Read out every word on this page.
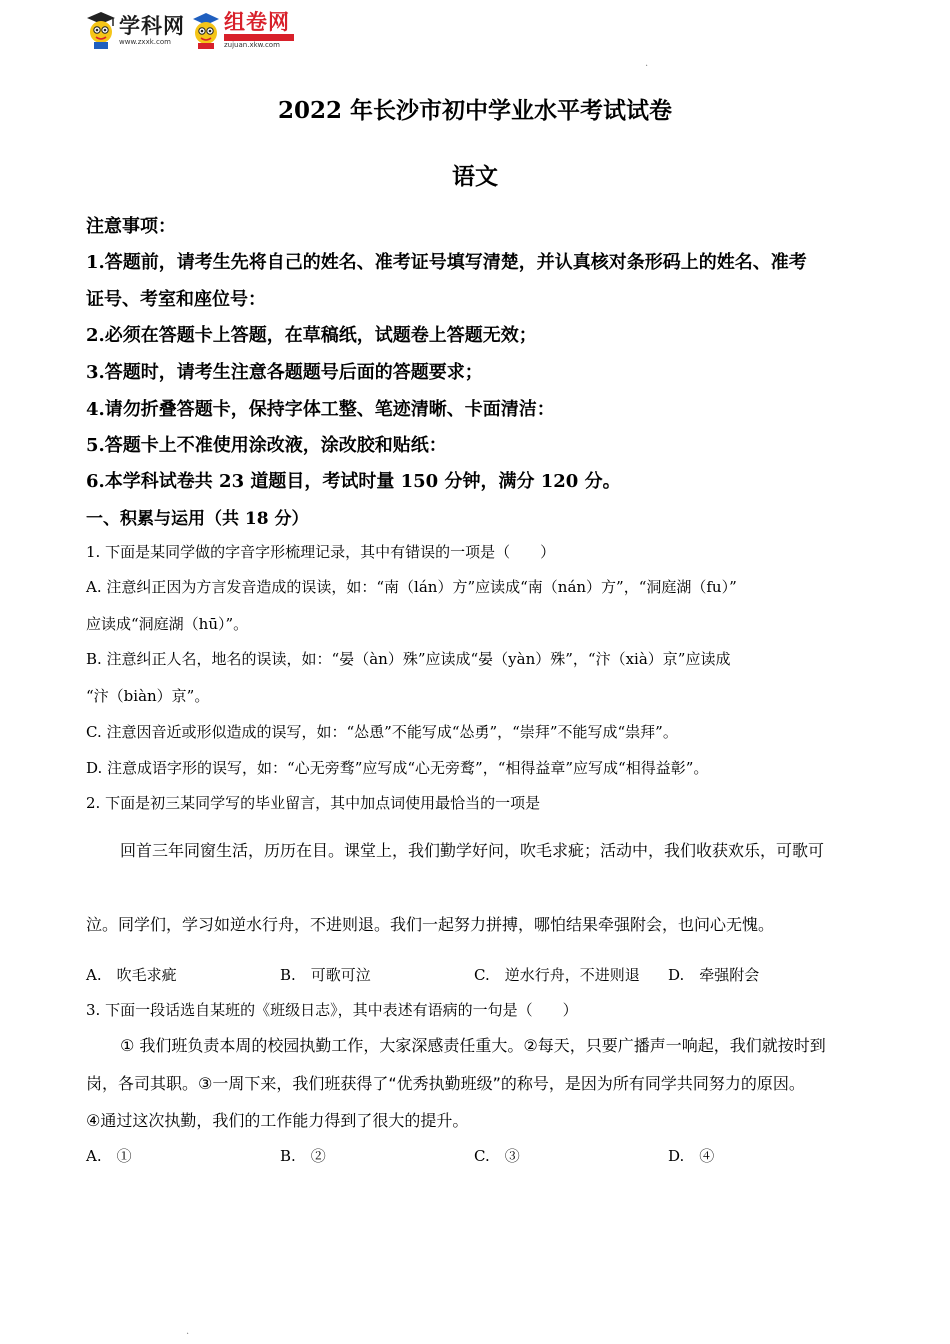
学科网
www.zxxk.com
组卷网
zujuan.xkw.com
.
2022 年长沙市初中学业水平考试试卷
语文
注意事项：
1.答题前，请考生先将自己的姓名、准考证号填写清楚，并认真核对条形码上的姓名、准考
证号、考室和座位号：
2.必须在答题卡上答题，在草稿纸，试题卷上答题无效；
3.答题时，请考生注意各题题号后面的答题要求；
4.请勿折叠答题卡，保持字体工整、笔迹清晰、卡面清洁：
5.答题卡上不准使用涂改液，涂改胶和贴纸：
6.本学科试卷共 23 道题目，考试时量 150 分钟，满分 120 分。
一、积累与运用（共 18 分）
1. 下面是某同学做的字音字形梳理记录，其中有错误的一项是（　　）
A. 注意纠正因为方言发音造成的误读，如：“南（lán）方”应读成“南（nán）方”，“洞庭湖（fu）”
应读成“洞庭湖（hū）”。
B. 注意纠正人名，地名的误读，如：“晏（àn）殊”应读成“晏（yàn）殊”，“汴（xià）京”应读成
“汴（biàn）京”。
C. 注意因音近或形似造成的误写，如：“怂恿”不能写成“怂勇”，“崇拜”不能写成“祟拜”。
D. 注意成语字形的误写，如：“心无旁骛”应写成“心无旁鹜”，“相得益章”应写成“相得益彰”。
2. 下面是初三某同学写的毕业留言，其中加点词使用最恰当的一项是
回首三年同窗生活，历历在目。课堂上，我们勤学好问，吹毛求疵；活动中，我们收获欢乐，可歌可
泣。同学们，学习如逆水行舟，不进则退。我们一起努力拼搏，哪怕结果牵强附会，也问心无愧。
A.　吹毛求疵	B.　可歌可泣	C.　逆水行舟，不进则退 D.　牵强附会
3. 下面一段话选自某班的《班级日志》，其中表述有语病的一句是（　　）
① 我们班负责本周的校园执勤工作，大家深感责任重大。②每天，只要广播声一响起，我们就按时到
岗，各司其职。③一周下来，我们班获得了“优秀执勤班级”的称号，是因为所有同学共同努力的原因。
④通过这次执勤，我们的工作能力得到了很大的提升。
A.　①	B.　②	C.　③	D.　④
.
